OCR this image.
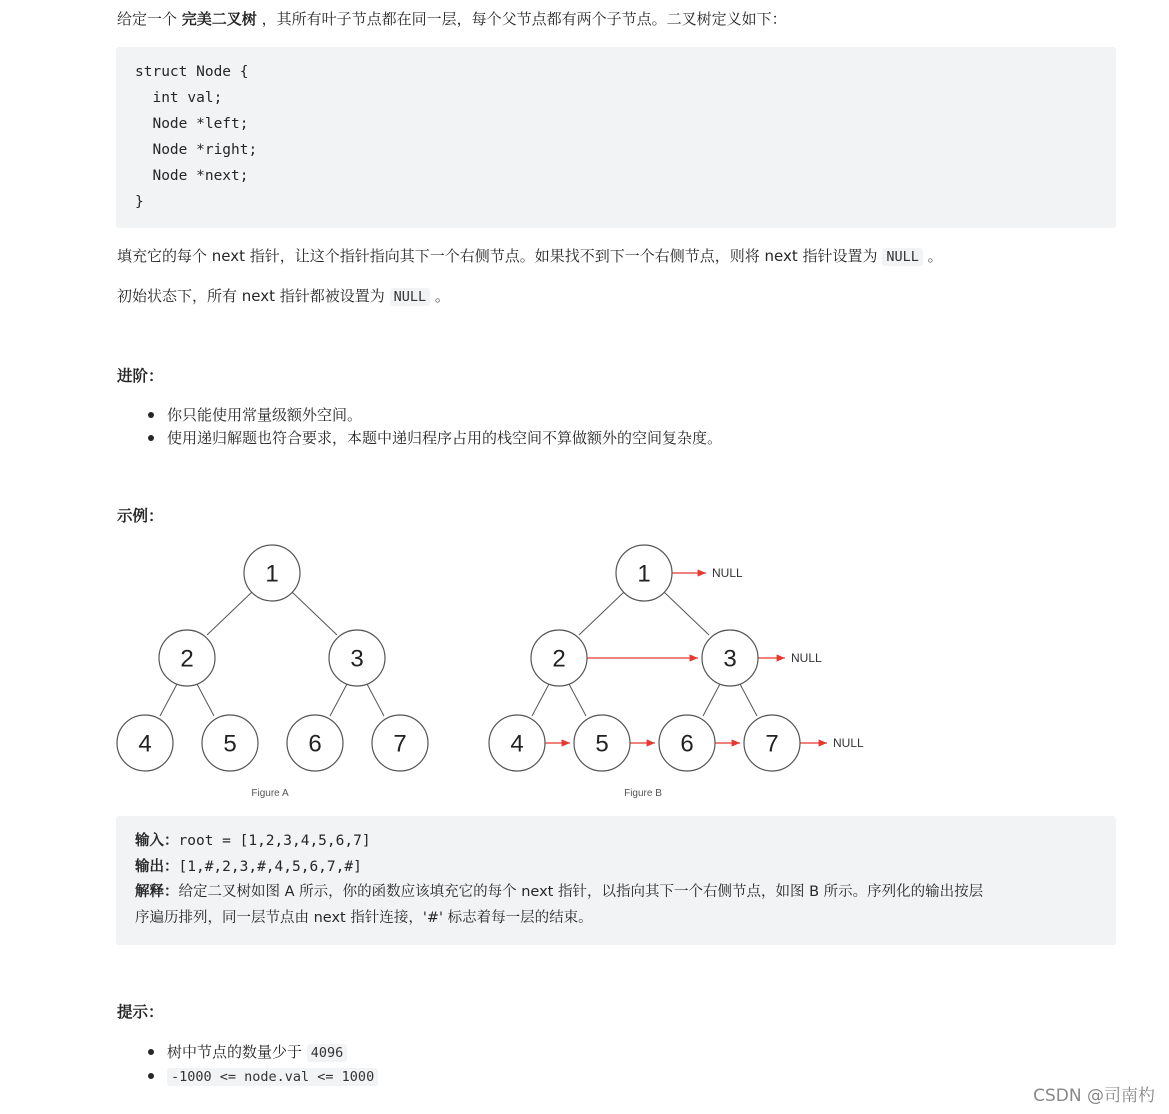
给定一个 完美二叉树 ，其所有叶子节点都在同一层，每个父节点都有两个子节点。二叉树定义如下：

struct Node {
int val;
Node *left;
Node *right;
Node *next;
}

填充它的每个 next 指针，让这个指针指向其下一个右侧节点。如果找不到下一个右侧节点，则将 next 指针设置为 NULL 。

初始状态下，所有 next 指针都被设置为 NULL 。

进阶：

你只能使用常量级额外空间。

使用递归解题也符合要求，本题中递归程序占用的栈空间不算做额外的空间复杂度。

示例：
1
2	3
4	5	6	7
Figure A
1
2	3
4	5	6	7
NULL
NULL
NULL
Figure B

输入：root = [1,2,3,4,5,6,7]

输出：[1,#,2,3,#,4,5,6,7,#]

解释：给定二叉树如图 A 所示，你的函数应该填充它的每个 next 指针，以指向其下一个右侧节点，如图 B 所示。序列化的输出按层

序遍历排列，同一层节点由 next 指针连接，'#' 标志着每一层的结束。

提示：

树中节点的数量少于 4096

-1000 <= node.val <= 1000

CSDN @司南杓
